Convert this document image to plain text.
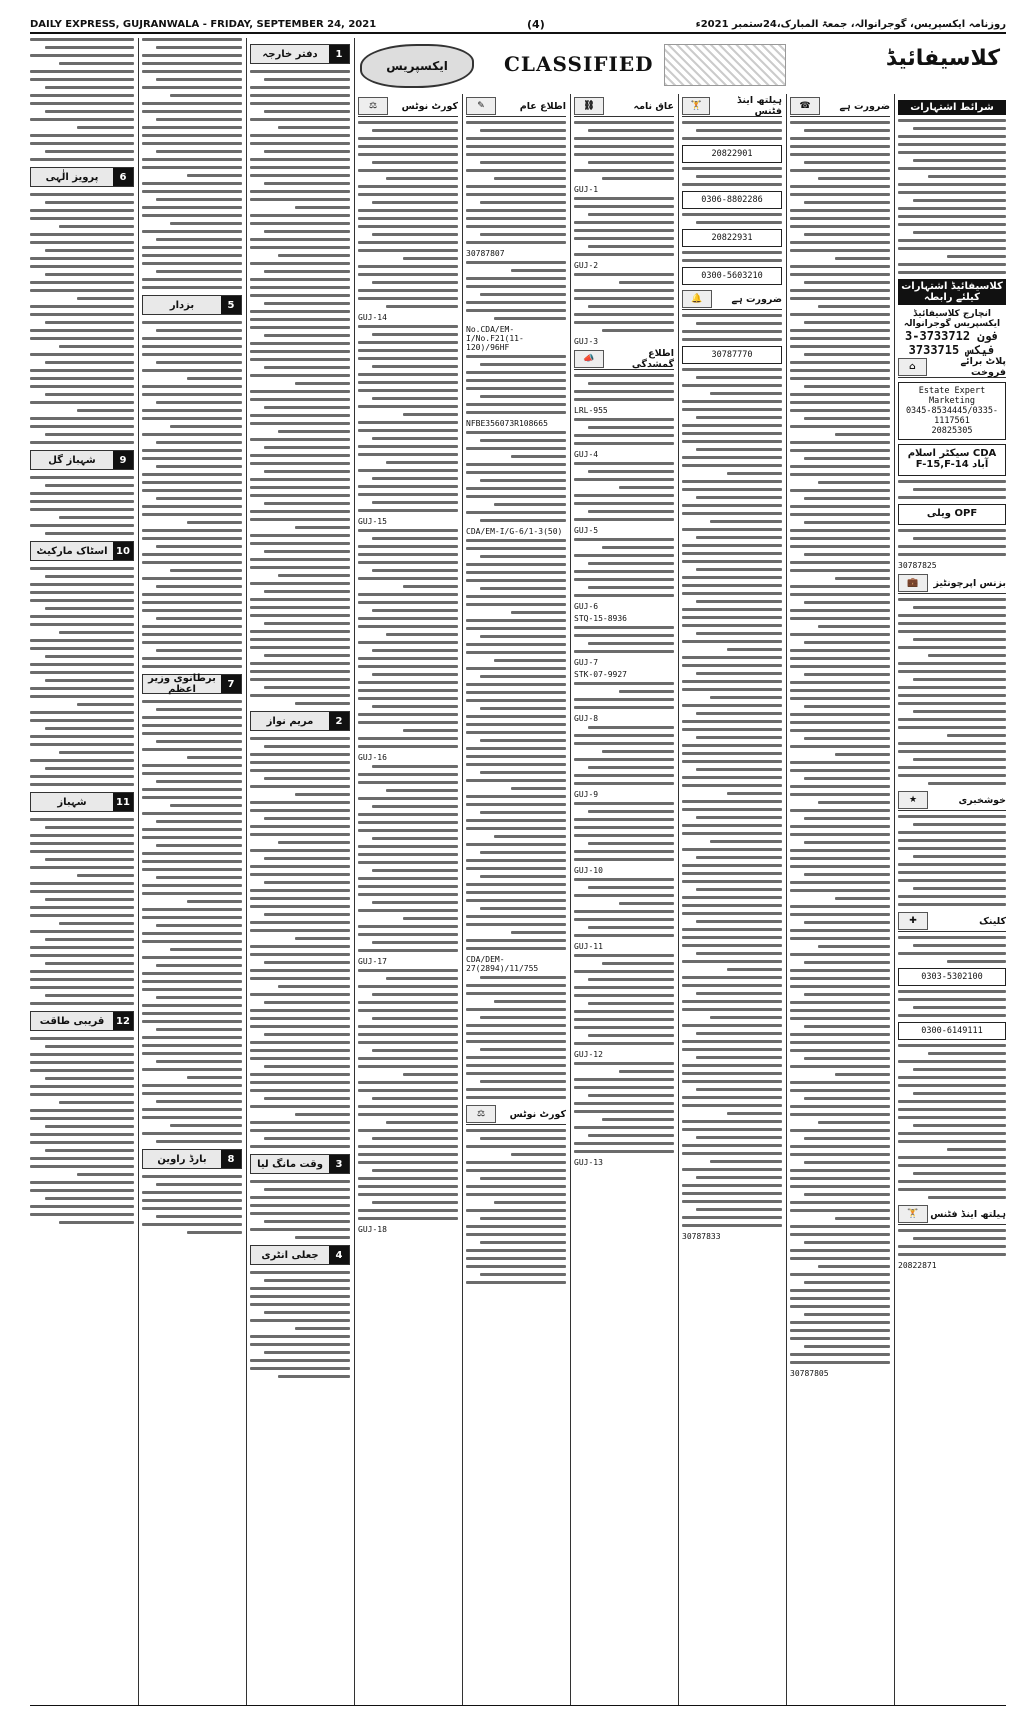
DAILY EXPRESS, GUJRANWALA - FRIDAY, SEPTEMBER 24, 2021	(4)	روزنامہ ایکسپریس، گوجرانوالہ، جمعۃ المبارک،24ستمبر 2021ء
ایکسپریس	CLASSIFIED	کلاسیفائیڈ
6
پرویز الٰہی
9
شہباز گل
10
اسٹاک مارکیٹ
11
شہباز
12
قریبی طاقت
5
بزدار
7
برطانوی وزیر اعظم
8
بارڈ راوین
1
دفتر خارجہ
2
مریم نواز
3
وقت مانگ لیا
4
جعلی انٹری
کورٹ نوٹس
⚖
GUJ-14
GUJ-15
GUJ-16
GUJ-17
GUJ-18
اطلاع عام
✎
30787807
No.CDA/EM-I/No.F21(11-120)/96HF
NFBE356073R108665
CDA/EM-I/G-6/1-3(50)
CDA/DEM-27(2894)/11/755
کورٹ نوٹس
⚖
عاق نامہ
⛓
GUJ-1
GUJ-2
GUJ-3
اطلاع گمشدگی
📣
LRL-955
GUJ-4
GUJ-5
GUJ-6
STQ-15-8936
GUJ-7
STK-07-9927
GUJ-8
GUJ-9
GUJ-10
GUJ-11
GUJ-12
GUJ-13
ہیلتھ اینڈ فٹنس
🏋
20822901
0306-8802286
20822931
0300-5603210
ضرورت ہے
🔔
30787770
30787833
ضرورت ہے
☎
30787805
شرائط اشتہارات
کلاسیفائیڈ اشتہارات کیلئے رابطہ
انچارج کلاسیفائیڈ ایکسپریس گوجرانوالہ
فون 3733712-3
فیکس 3733715
پلاٹ برائے فروخت
⌂
Estate Expert Marketing
0345-8534445/0335-1117561
20825305
CDA سیکٹر اسلام آباد F-15,F-14
OPF ویلی
30787825
بزنس اپرچونٹیز
💼
خوشخبری
★
کلینک
✚
0303-5302100
0300-6149111
ہیلتھ اینڈ فٹنس
🏋
20822871
